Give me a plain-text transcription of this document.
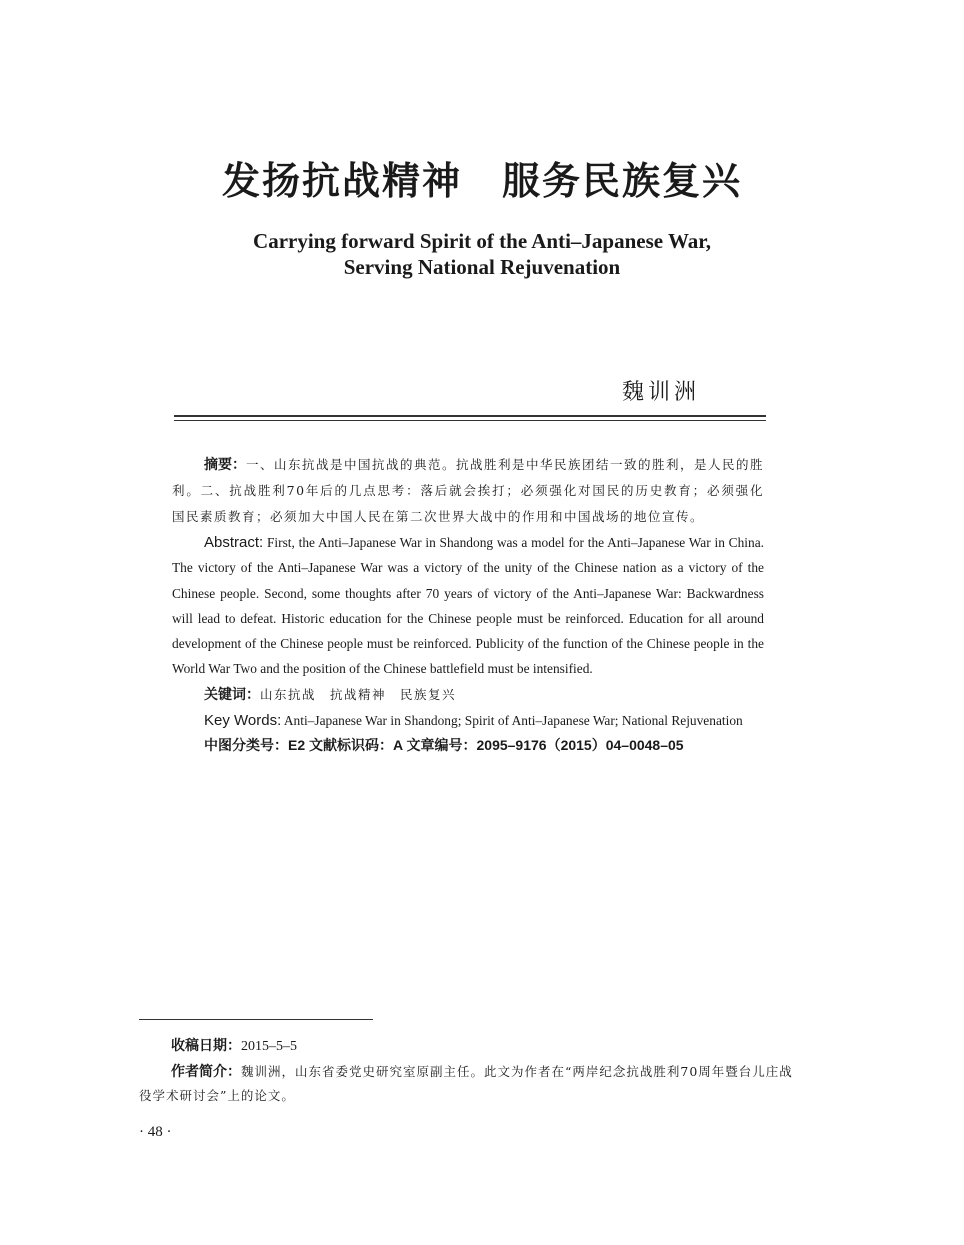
发扬抗战精神　服务民族复兴
Carrying forward Spirit of the Anti–Japanese War,
Serving National Rejuvenation
魏训洲

摘要：一、山东抗战是中国抗战的典范。抗战胜利是中华民族团结一致的胜利，是人民的胜利。二、抗战胜利70年后的几点思考：落后就会挨打；必须强化对国民的历史教育；必须强化国民素质教育；必须加大中国人民在第二次世界大战中的作用和中国战场的地位宣传。

Abstract: First, the Anti–Japanese War in Shandong was a model for the Anti–Japanese War in China. The victory of the Anti–Japanese War was a victory of the unity of the Chinese nation as a victory of the Chinese people. Second, some thoughts after 70 years of victory of the Anti–Japanese War: Backwardness will lead to defeat. Historic education for the Chinese people must be reinforced. Education for all around development of the Chinese people must be reinforced. Publicity of the function of the Chinese people in the World War Two and the position of the Chinese battlefield must be intensified.

关键词：山东抗战　抗战精神　民族复兴

Key Words: Anti–Japanese War in Shandong; Spirit of Anti–Japanese War; National Rejuvenation

中图分类号：E2 文献标识码：A 文章编号：2095–9176（2015）04–0048–05

收稿日期：2015–5–5

作者简介：魏训洲，山东省委党史研究室原副主任。此文为作者在“两岸纪念抗战胜利70周年暨台儿庄战役学术研讨会”上的论文。

· 48 ·
